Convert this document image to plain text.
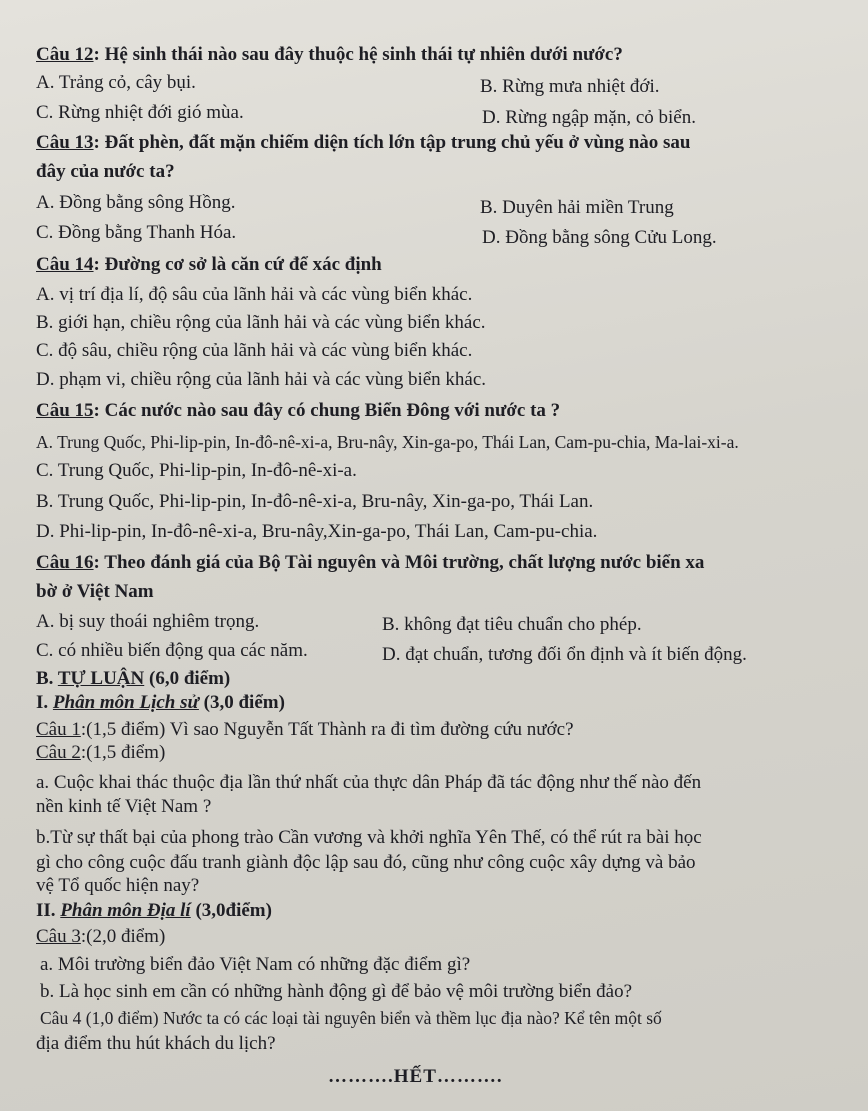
Câu 12: Hệ sinh thái nào sau đây thuộc hệ sinh thái tự nhiên dưới nước?
A. Trảng cỏ, cây bụi.	B. Rừng mưa nhiệt đới.
C. Rừng nhiệt đới gió mùa.	D. Rừng ngập mặn, cỏ biển.
Câu 13: Đất phèn, đất mặn chiếm diện tích lớn tập trung chủ yếu ở vùng nào sau
đây của nước ta?
A. Đồng bằng sông Hồng.	B. Duyên hải miền Trung
C. Đồng bằng Thanh Hóa.	D. Đồng bằng sông Cửu Long.
Câu 14: Đường cơ sở là căn cứ để xác định
A. vị trí địa lí, độ sâu của lãnh hải và các vùng biển khác.
B. giới hạn, chiều rộng của lãnh hải và các vùng biển khác.
C. độ sâu, chiều rộng của lãnh hải và các vùng biển khác.
D. phạm vi, chiều rộng của lãnh hải và các vùng biển khác.
Câu 15: Các nước nào sau đây có chung Biển Đông với nước ta ?
A. Trung Quốc, Phi-lip-pin, In-đô-nê-xi-a, Bru-nây, Xin-ga-po, Thái Lan, Cam-pu-chia, Ma-lai-xi-a.
C. Trung Quốc, Phi-lip-pin, In-đô-nê-xi-a.
B. Trung Quốc, Phi-lip-pin, In-đô-nê-xi-a, Bru-nây, Xin-ga-po, Thái Lan.
D. Phi-lip-pin, In-đô-nê-xi-a, Bru-nây,Xin-ga-po, Thái Lan, Cam-pu-chia.
Câu 16: Theo đánh giá của Bộ Tài nguyên và Môi trường, chất lượng nước biển xa
bờ ở Việt Nam
A. bị suy thoái nghiêm trọng.	B. không đạt tiêu chuẩn cho phép.
C. có nhiều biến động qua các năm.	D. đạt chuẩn, tương đối ổn định và ít biến động.
B. TỰ LUẬN (6,0 điểm)
I. Phân môn Lịch sử (3,0 điểm)
Câu 1:(1,5 điểm) Vì sao Nguyễn Tất Thành ra đi tìm đường cứu nước?
Câu 2:(1,5 điểm)
a. Cuộc khai thác thuộc địa lần thứ nhất của thực dân Pháp đã tác động như thế nào đến
nền kinh tế Việt Nam ?
b.Từ sự thất bại của phong trào Cần vương và khởi nghĩa Yên Thế, có thể rút ra bài học
gì cho công cuộc đấu tranh giành độc lập sau đó, cũng như công cuộc xây dựng và bảo
vệ Tổ quốc hiện nay?
II. Phân môn Địa lí (3,0điểm)
Câu 3:(2,0 điểm)
a. Môi trường biển đảo Việt Nam có những đặc điểm gì?
b. Là học sinh em cần có những hành động gì để bảo vệ môi trường biển đảo?
Câu 4 (1,0 điểm) Nước ta có các loại tài nguyên biển và thềm lục địa nào? Kể tên một số
địa điểm thu hút khách du lịch?
……….HẾT……….
